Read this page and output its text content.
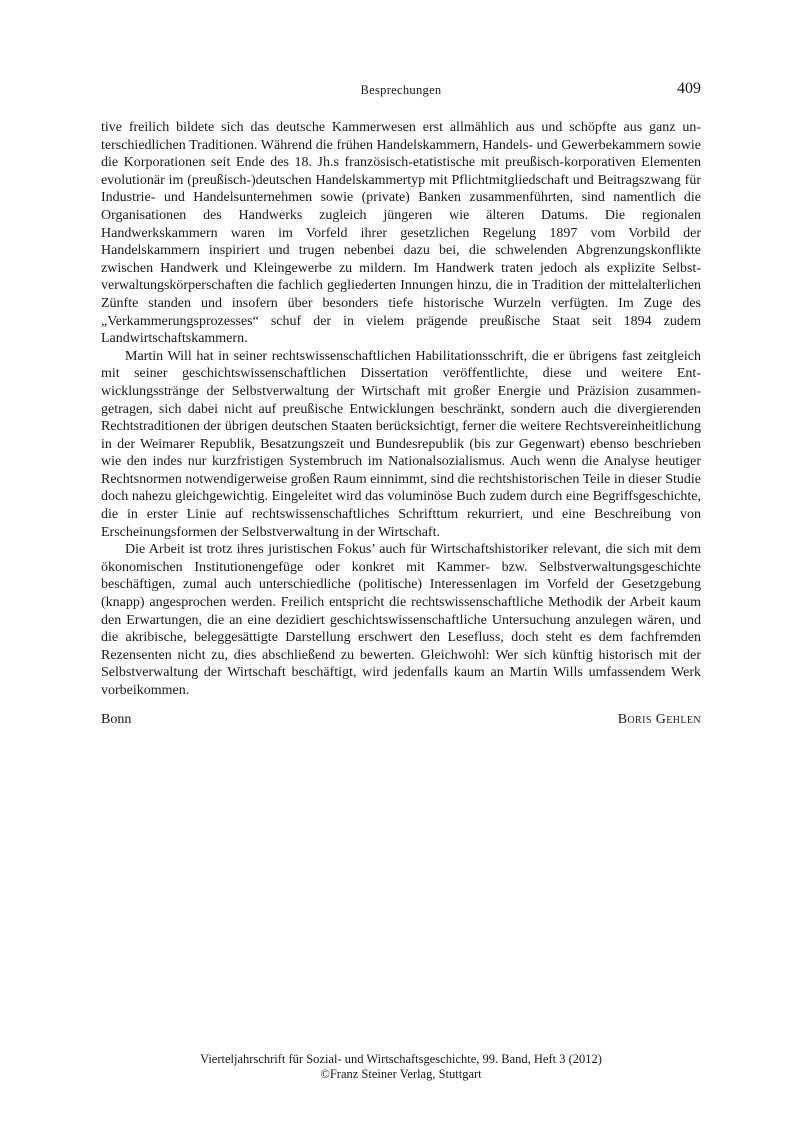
Besprechungen	409

tive freilich bildete sich das deutsche Kammerwesen erst allmählich aus und schöpfte aus ganz unterschiedlichen Traditionen. Während die frühen Handelskammern, Handels- und Gewerbekammern sowie die Korporationen seit Ende des 18. Jh.s französisch-etatistische mit preußisch-korporativen Elementen evolutionär im (preußisch-)deutschen Handelskammertyp mit Pflichtmitgliedschaft und Beitragszwang für Industrie- und Handelsunternehmen sowie (private) Banken zusammenführten, sind namentlich die Organisationen des Handwerks zugleich jüngeren wie älteren Datums. Die regionalen Handwerkskammern waren im Vorfeld ihrer gesetzlichen Regelung 1897 vom Vorbild der Handelskammern inspiriert und trugen nebenbei dazu bei, die schwelenden Abgrenzungskonflikte zwischen Handwerk und Kleingewerbe zu mildern. Im Handwerk traten jedoch als explizite Selbstverwaltungskörperschaften die fachlich gegliederten Innungen hinzu, die in Tradition der mittelalterlichen Zünfte standen und insofern über besonders tiefe historische Wurzeln verfügten. Im Zuge des „Verkammerungsprozesses“ schuf der in vielem prägende preußische Staat seit 1894 zudem Landwirtschaftskammern.

Martin Will hat in seiner rechtswissenschaftlichen Habilitationsschrift, die er übrigens fast zeitgleich mit seiner geschichtswissenschaftlichen Dissertation veröffentlichte, diese und weitere Entwicklungsstränge der Selbstverwaltung der Wirtschaft mit großer Energie und Präzision zusammengetragen, sich dabei nicht auf preußische Entwicklungen beschränkt, sondern auch die divergierenden Rechtstraditionen der übrigen deutschen Staaten berücksichtigt, ferner die weitere Rechtsvereinheitlichung in der Weimarer Republik, Besatzungszeit und Bundesrepublik (bis zur Gegenwart) ebenso beschrieben wie den indes nur kurzfristigen Systembruch im Nationalsozialismus. Auch wenn die Analyse heutiger Rechtsnormen notwendigerweise großen Raum einnimmt, sind die rechtshistorischen Teile in dieser Studie doch nahezu gleichgewichtig. Eingeleitet wird das voluminöse Buch zudem durch eine Begriffsgeschichte, die in erster Linie auf rechtswissenschaftliches Schrifttum rekurriert, und eine Beschreibung von Erscheinungsformen der Selbstverwaltung in der Wirtschaft.

Die Arbeit ist trotz ihres juristischen Fokus’ auch für Wirtschaftshistoriker relevant, die sich mit dem ökonomischen Institutionengefüge oder konkret mit Kammer- bzw. Selbstverwaltungsgeschichte beschäftigen, zumal auch unterschiedliche (politische) Interessenlagen im Vorfeld der Gesetzgebung (knapp) angesprochen werden. Freilich entspricht die rechtswissenschaftliche Methodik der Arbeit kaum den Erwartungen, die an eine dezidiert geschichtswissenschaftliche Untersuchung anzulegen wären, und die akribische, beleggesättigte Darstellung erschwert den Lesefluss, doch steht es dem fachfremden Rezensenten nicht zu, dies abschließend zu bewerten. Gleichwohl: Wer sich künftig historisch mit der Selbstverwaltung der Wirtschaft beschäftigt, wird jedenfalls kaum an Martin Wills umfassendem Werk vorbeikommen.

Bonn	Boris Gehlen
Vierteljahrschrift für Sozial- und Wirtschaftsgeschichte, 99. Band, Heft 3 (2012)
©Franz Steiner Verlag, Stuttgart
